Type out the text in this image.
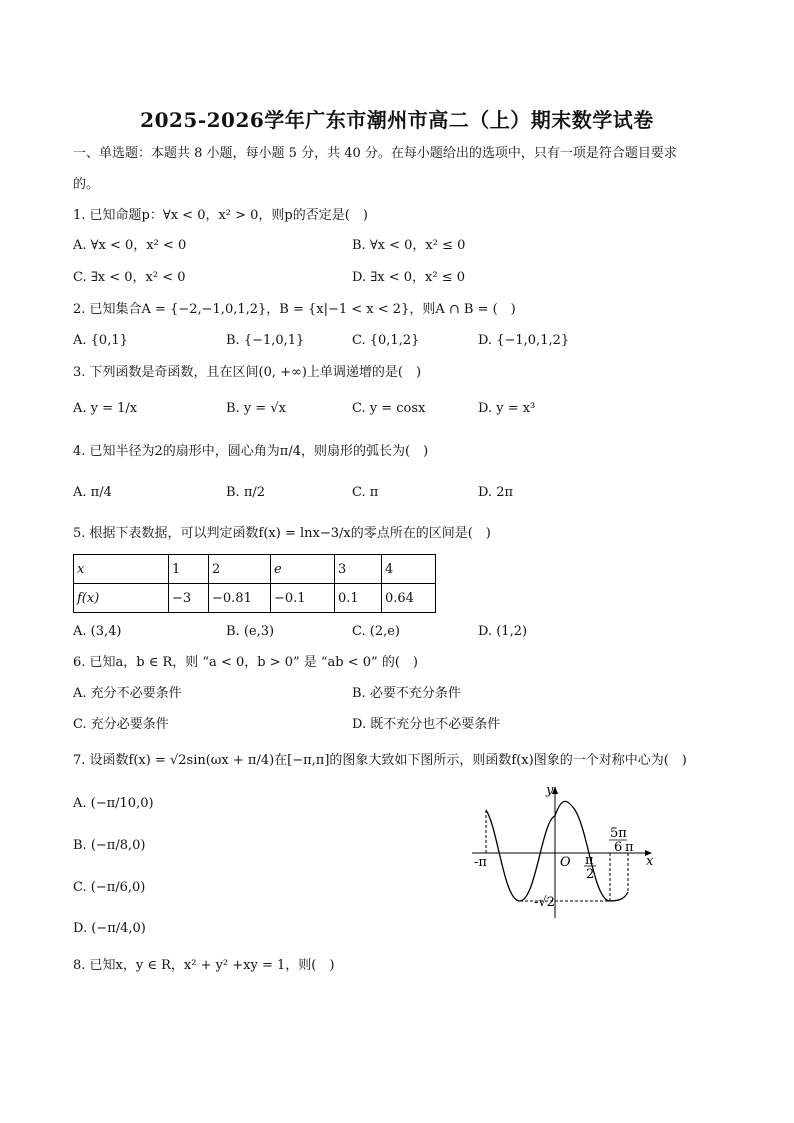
2025-2026学年广东市潮州市高二（上）期末数学试卷
一、单选题：本题共 8 小题，每小题 5 分，共 40 分。在每小题给出的选项中，只有一项是符合题目要求
的。
1. 已知命题p：∀x < 0，x² > 0，则p的否定是(　)
A. ∀x < 0，x² < 0	B. ∀x < 0，x² ≤ 0
C. ∃x < 0，x² < 0	D. ∃x < 0，x² ≤ 0
2. 已知集合A = {−2,−1,0,1,2}，B = {x|−1 < x < 2}，则A ∩ B = (　)
A. {0,1}	B. {−1,0,1}	C. {0,1,2}	D. {−1,0,1,2}
3. 下列函数是奇函数，且在区间(0, +∞)上单调递增的是(　)
A. y = 1/x	B. y = √x	C. y = cosx	D. y = x³
4. 已知半径为2的扇形中，圆心角为π/4，则扇形的弧长为(　)
A. π/4	B. π/2	C. π	D. 2π
5. 根据下表数据，可以判定函数f(x) = lnx−3/x的零点所在的区间是(　)
x	1	2	e	3	4
f(x)	−3	−0.81	−0.1	0.1	0.64
A. (3,4)	B. (e,3)	C. (2,e)	D. (1,2)
6. 已知a，b ∈ R，则 “a < 0，b > 0” 是 “ab < 0” 的(　)
A. 充分不必要条件	B. 必要不充分条件
C. 充分必要条件	D. 既不充分也不必要条件
7. 设函数f(x) = √2sin(ωx + π/4)在[−π,π]的图象大致如下图所示，则函数f(x)图象的一个对称中心为(　)
A. (−π/10,0)
B. (−π/8,0)
C. (−π/6,0)
D. (−π/4,0)
y
x
O
-π	π
2
5π
6 π
-√2
8. 已知x，y ∈ R，x² + y² +xy = 1，则(　)
